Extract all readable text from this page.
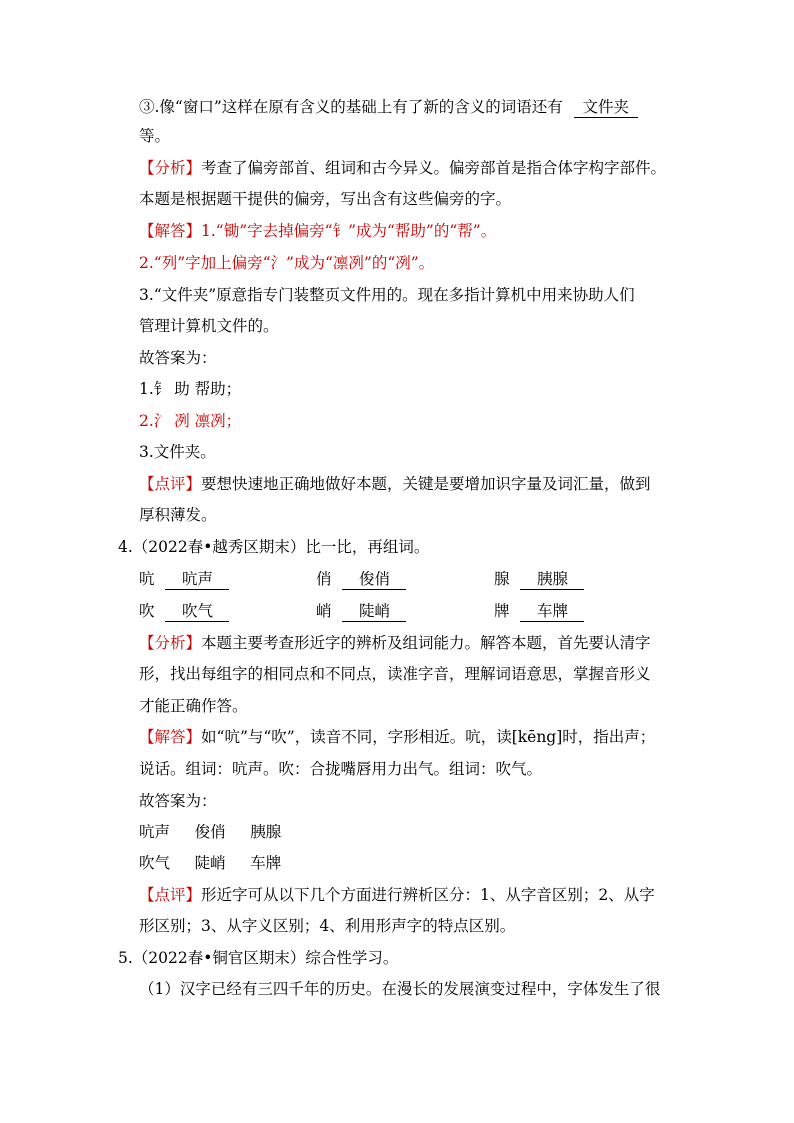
③.像“窗口”这样在原有含义的基础上有了新的含义的词语还有 文件夹
等。
【分析】考查了偏旁部首、组词和古今异义。偏旁部首是指合体字构字部件。
本题是根据题干提供的偏旁，写出含有这些偏旁的字。
【解答】1.“锄”字去掉偏旁“钅”成为“帮助”的“帮”。
2.“列”字加上偏旁“氵”成为“凛冽”的“冽”。
3.“文件夹”原意指专门装整页文件用的。现在多指计算机中用来协助人们
管理计算机文件的。
故答案为：
1.钅 助 帮助；
2.氵 冽 凛冽；
3.文件夹。
【点评】要想快速地正确地做好本题，关键是要增加识字量及词汇量，做到
厚积薄发。
4.（2022春•越秀区期末）比一比，再组词。
吭 吭声	俏 俊俏	腺 胰腺
吹 吹气	峭 陡峭	牌 车牌
【分析】本题主要考查形近字的辨析及组词能力。解答本题，首先要认清字
形，找出每组字的相同点和不同点，读准字音，理解词语意思，掌握音形义
才能正确作答。
【解答】如“吭”与“吹”，读音不同，字形相近。吭，读[kēng]时，指出声；
说话。组词：吭声。吹：合拢嘴唇用力出气。组词：吹气。
故答案为：
吭声     俊俏     胰腺
吹气     陡峭     车牌
【点评】形近字可从以下几个方面进行辨析区分：1、从字音区别；2、从字
形区别；3、从字义区别；4、利用形声字的特点区别。
5.（2022春•铜官区期末）综合性学习。
（1）汉字已经有三四千年的历史。在漫长的发展演变过程中，字体发生了很
